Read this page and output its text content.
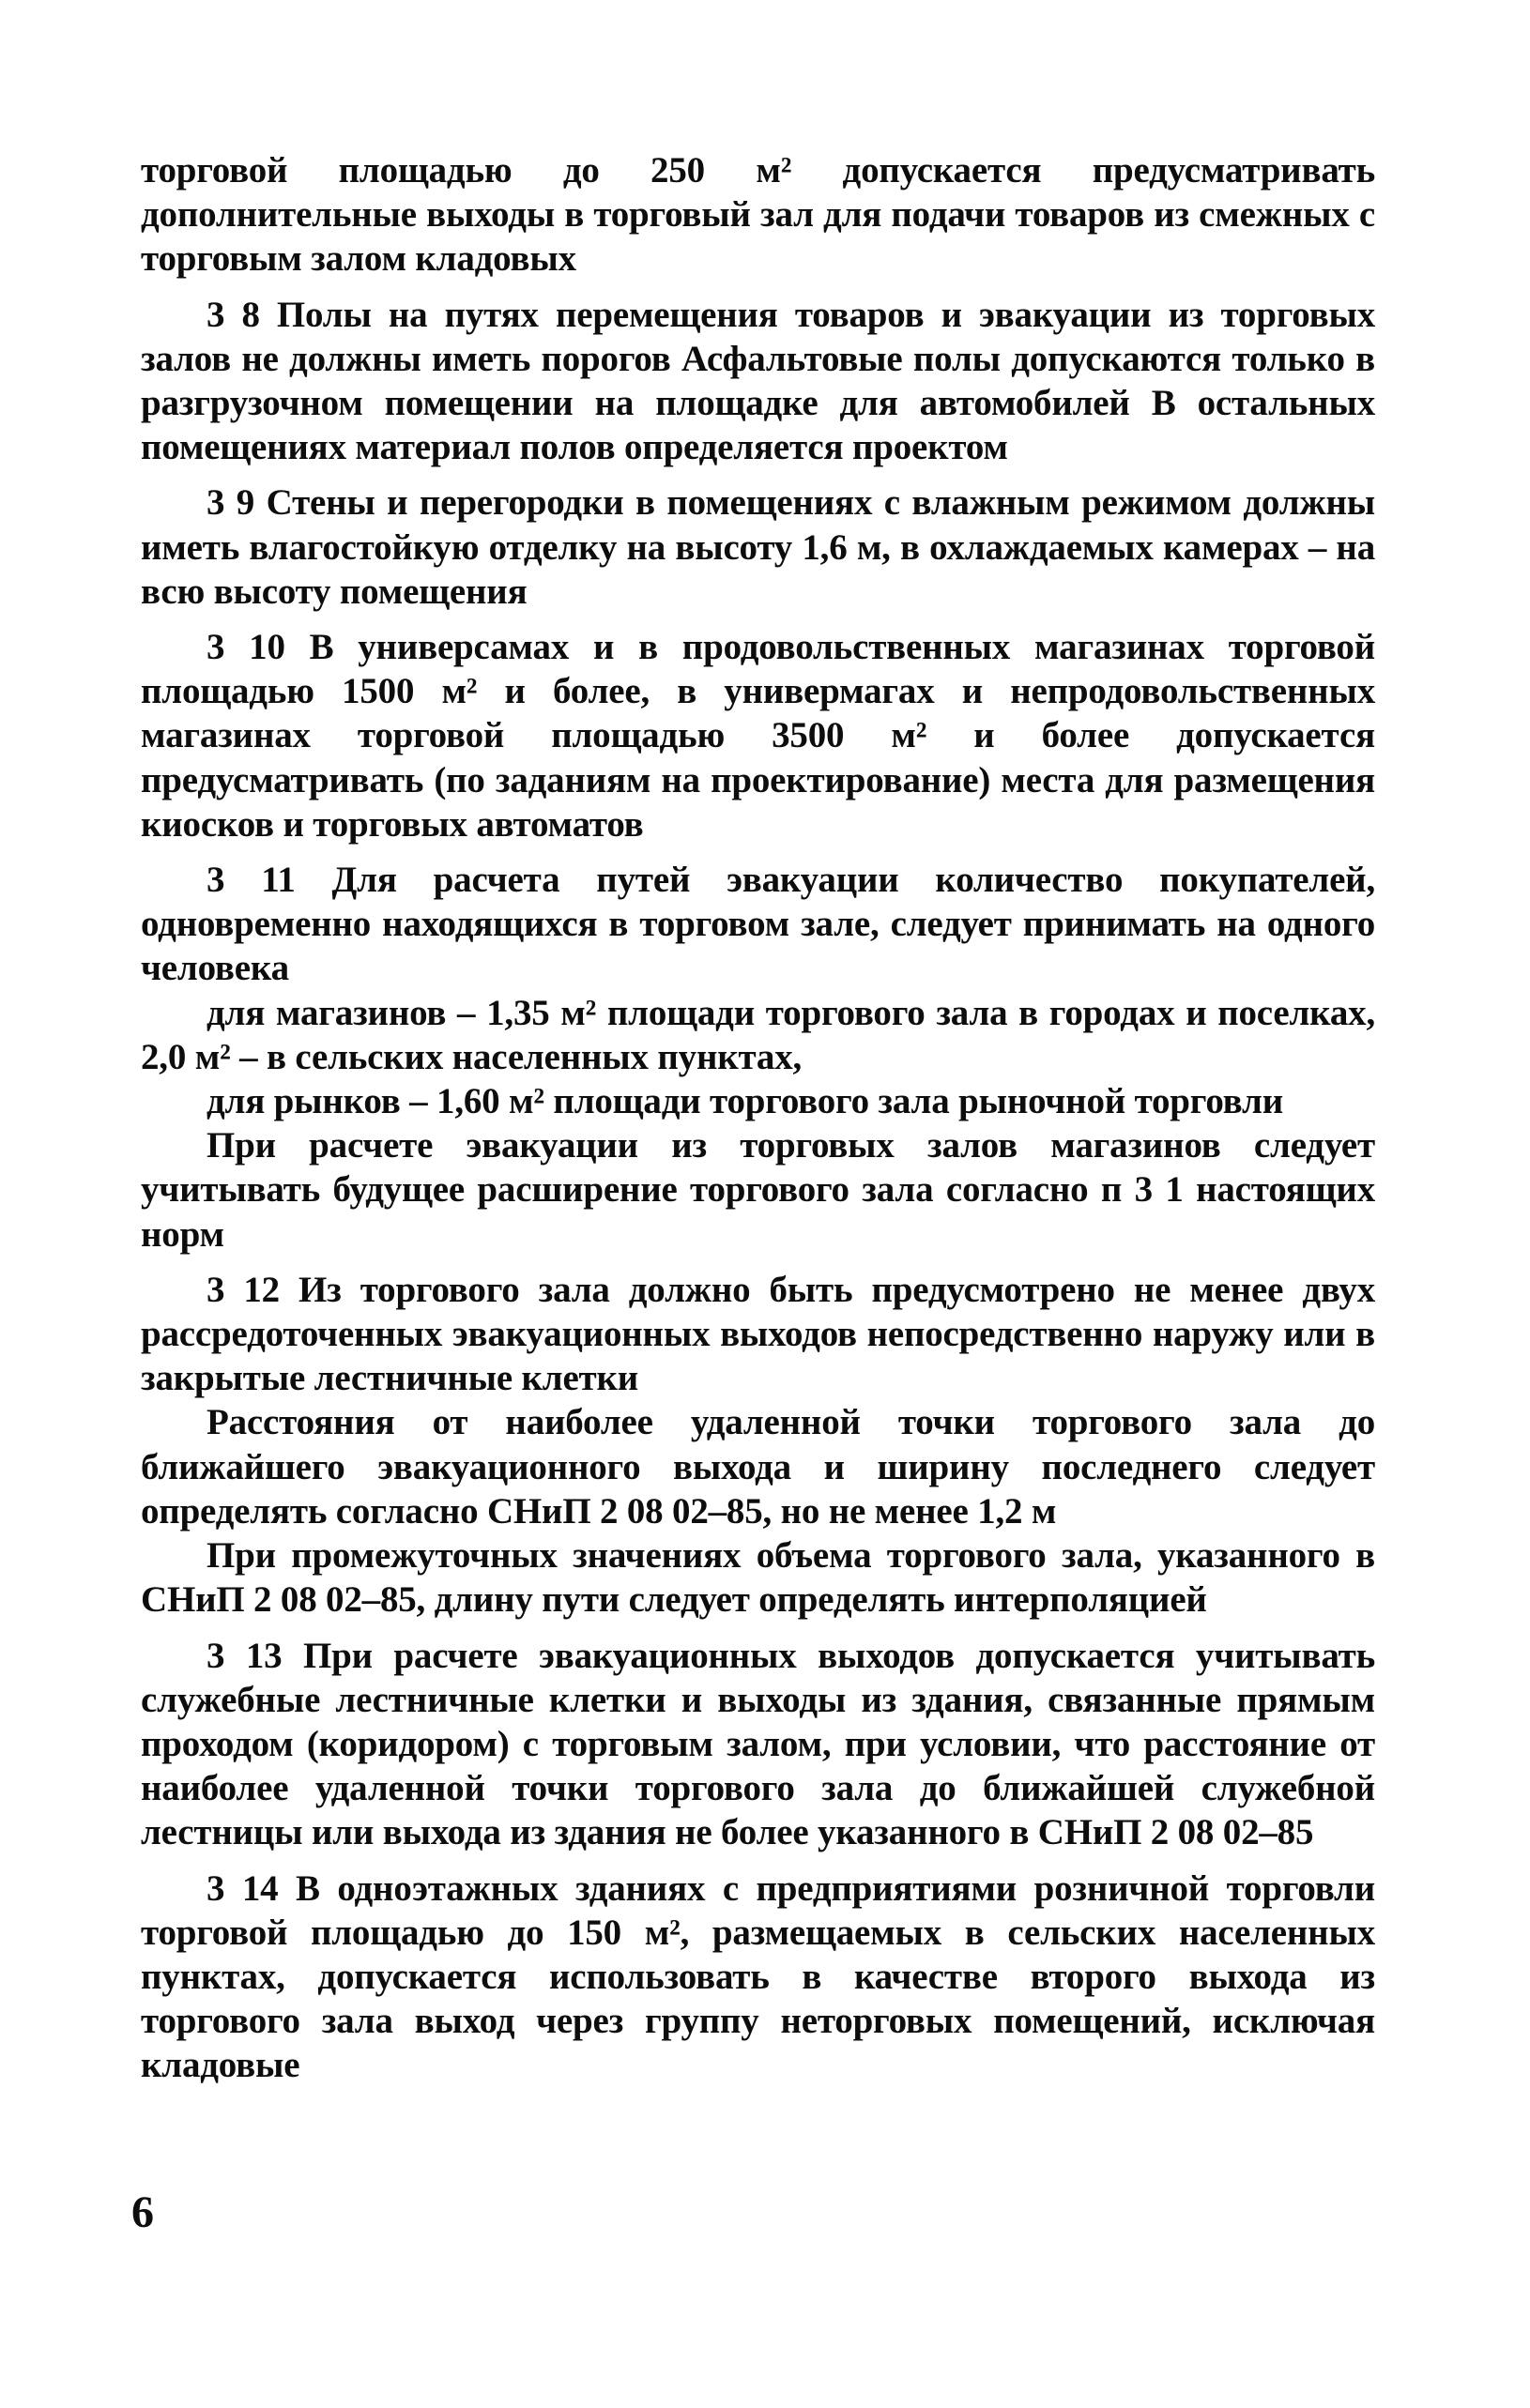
торговой площадью до 250 м² допускается предусматривать дополнительные выходы в торговый зал для подачи товаров из смежных с торговым залом кладовых

3 8 Полы на путях перемещения товаров и эвакуации из торговых залов не должны иметь порогов Асфальтовые полы допускаются только в разгрузочном помещении на площадке для автомобилей В остальных помещениях материал полов определяется проектом

3 9 Стены и перегородки в помещениях с влажным режимом должны иметь влагостойкую отделку на высоту 1,6 м, в охлаждаемых камерах – на всю высоту помещения

3 10 В универсамах и в продовольственных магазинах торговой площадью 1500 м² и более, в универмагах и непродовольственных магазинах торговой площадью 3500 м² и более допускается предусматривать (по заданиям на проектирование) места для размещения киосков и торговых автоматов

3 11 Для расчета путей эвакуации количество покупателей, одновременно находящихся в торговом зале, следует принимать на одного человека

для магазинов – 1,35 м² площади торгового зала в городах и поселках, 2,0 м² – в сельских населенных пунктах,

для рынков – 1,60 м² площади торгового зала рыночной торговли

При расчете эвакуации из торговых залов магазинов следует учитывать будущее расширение торгового зала согласно п 3 1 настоящих норм

3 12 Из торгового зала должно быть предусмотрено не менее двух рассредоточенных эвакуационных выходов непосредственно наружу или в закрытые лестничные клетки

Расстояния от наиболее удаленной точки торгового зала до ближайшего эвакуационного выхода и ширину последнего следует определять согласно СНиП 2 08 02–85, но не менее 1,2 м

При промежуточных значениях объема торгового зала, указанного в СНиП 2 08 02–85, длину пути следует определять интерполяцией

3 13 При расчете эвакуационных выходов допускается учитывать служебные лестничные клетки и выходы из здания, связанные прямым проходом (коридором) с торговым залом, при условии, что расстояние от наиболее удаленной точки торгового зала до ближайшей служебной лестницы или выхода из здания не более указанного в СНиП 2 08 02–85

3 14 В одноэтажных зданиях с предприятиями розничной торговли торговой площадью до 150 м², размещаемых в сельских населенных пунктах, допускается использовать в качестве второго выхода из торгового зала выход через группу неторговых помещений, исключая кладовые

6
